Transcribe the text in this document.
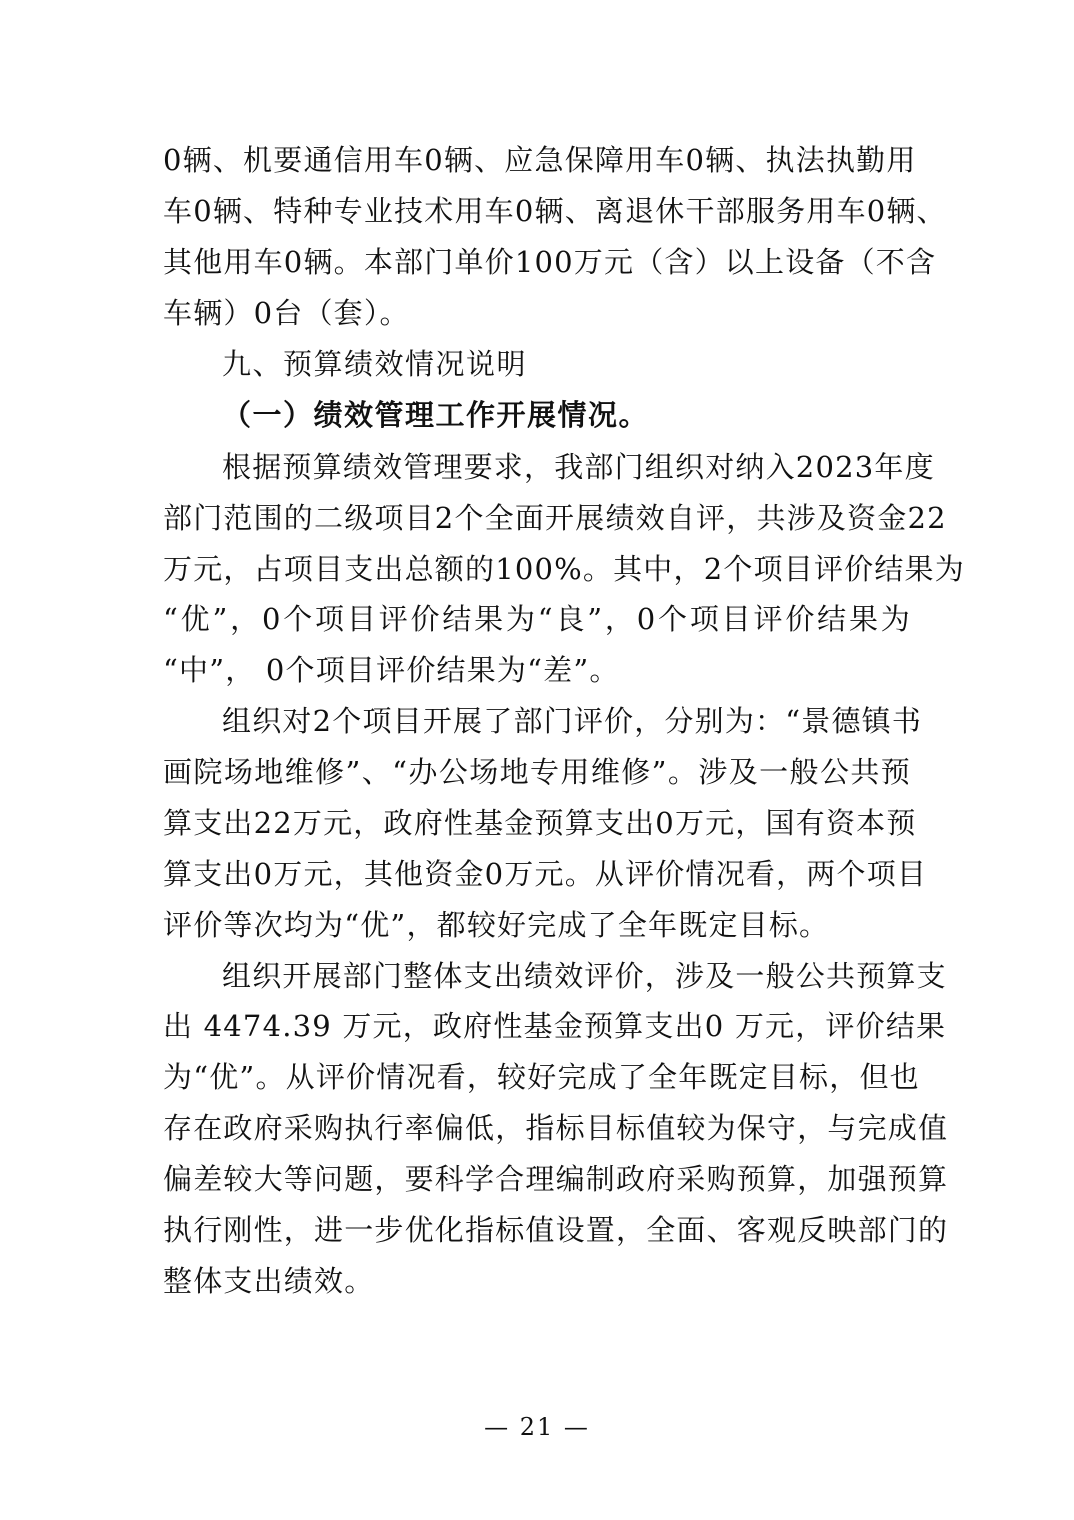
0辆、机要通信用车0辆、应急保障用车0辆、执法执勤用
车0辆、特种专业技术用车0辆、离退休干部服务用车0辆、
其他用车0辆。本部门单价100万元（含）以上设备（不含
车辆）0台（套）。
九、预算绩效情况说明
（一）绩效管理工作开展情况。
根据预算绩效管理要求，我部门组织对纳入2023年度
部门范围的二级项目2个全面开展绩效自评，共涉及资金22
万元，占项目支出总额的100%。其中，2个项目评价结果为
“优”，0个项目评价结果为“良”，0个项目评价结果为
“中”， 0个项目评价结果为“差”。
组织对2个项目开展了部门评价，分别为：“景德镇书
画院场地维修”、“办公场地专用维修”。涉及一般公共预
算支出22万元，政府性基金预算支出0万元，国有资本预
算支出0万元，其他资金0万元。从评价情况看，两个项目
评价等次均为“优”，都较好完成了全年既定目标。
组织开展部门整体支出绩效评价，涉及一般公共预算支
出 4474.39 万元，政府性基金预算支出0 万元，评价结果
为“优”。从评价情况看，较好完成了全年既定目标，但也
存在政府采购执行率偏低，指标目标值较为保守，与完成值
偏差较大等问题，要科学合理编制政府采购预算，加强预算
执行刚性，进一步优化指标值设置，全面、客观反映部门的
整体支出绩效。
— 21 —
